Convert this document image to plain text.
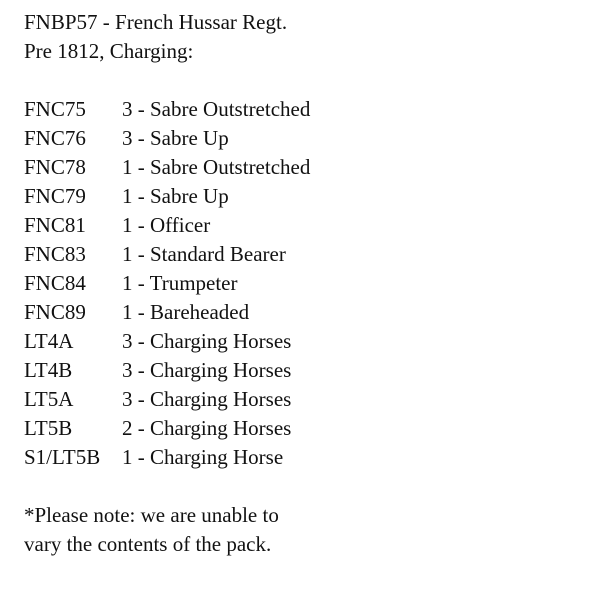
FNBP57 - French Hussar Regt.
Pre 1812, Charging:
FNC75	3 - Sabre Outstretched
FNC76	3 - Sabre Up
FNC78	1 - Sabre Outstretched
FNC79	1 - Sabre Up
FNC81	1 - Officer
FNC83	1 - Standard Bearer
FNC84	1 - Trumpeter
FNC89	1 - Bareheaded
LT4A	3 - Charging Horses
LT4B	3 - Charging Horses
LT5A	3 - Charging Horses
LT5B	2 - Charging Horses
S1/LT5B	1 - Charging Horse
*Please note: we are unable to
vary the contents of the pack.
